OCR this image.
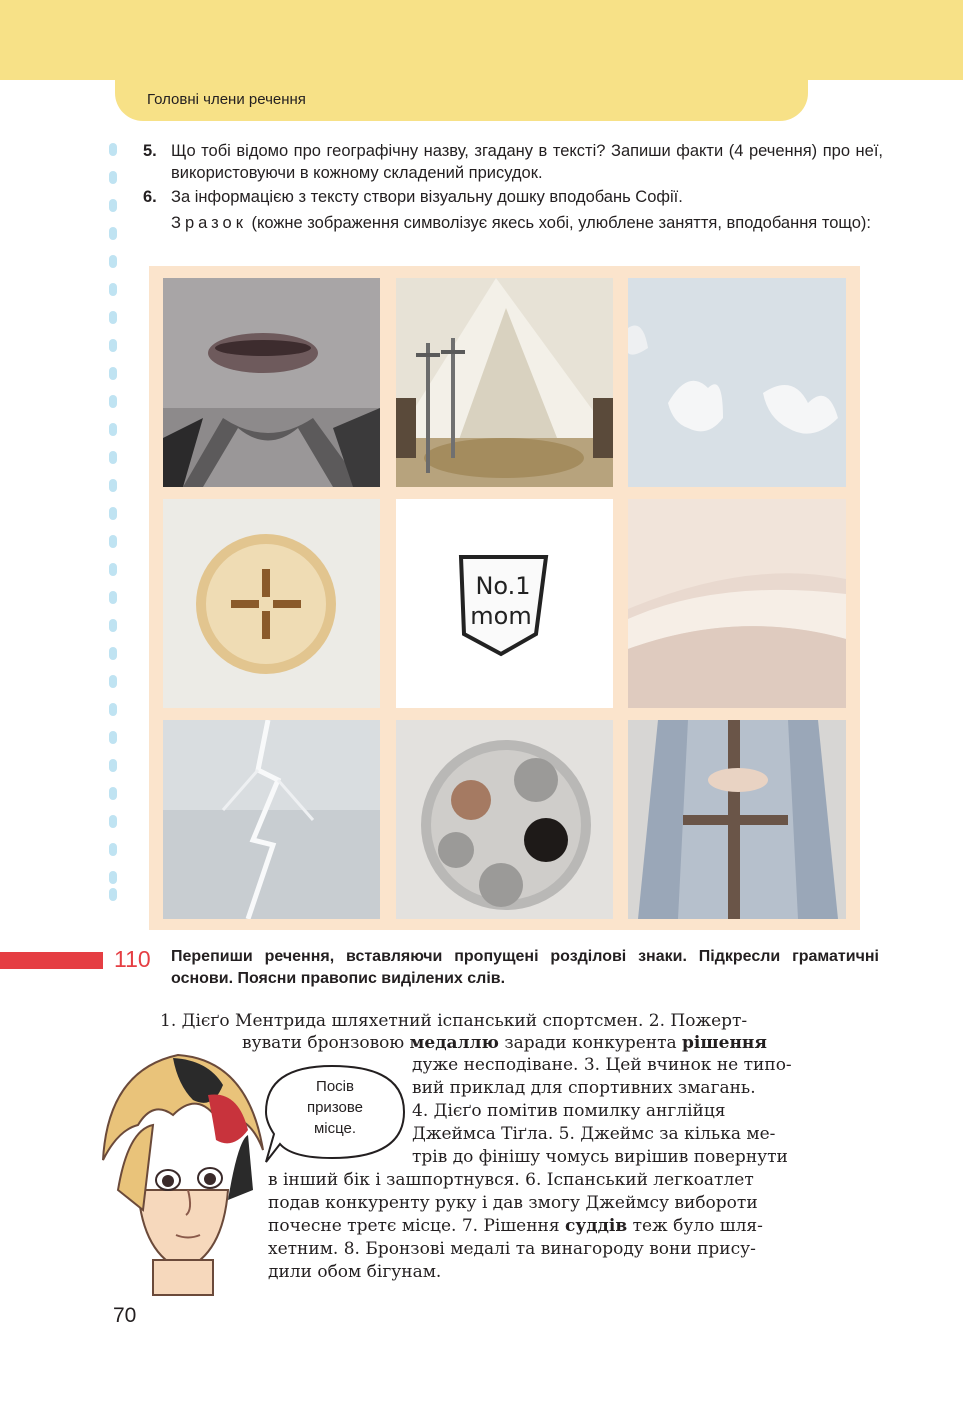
Головні члени речення
5. Що тобі відомо про географічну назву, згадану в тексті? Запиши факти (4 речення) про неї, використовуючи в кожному складений присудок.
6. За інформацією з тексту створи візуальну дошку вподобань Софії.
Зразок (кожне зображення символізує якесь хобі, улюблене заняття, вподобання тощо):
No.1
mom
110 Перепиши речення, вставляючи пропущені розділові знаки. Підкресли граматичні основи. Поясни правопис виділених слів.
1. Дієґо Ментрида шляхетний іспанський спортсмен. 2. Пожерт-
вувати бронзовою медаллю заради конкурента рішення
дуже несподіване. 3. Цей вчинок не типо-
вий приклад для спортивних змагань.
4. Дієґо помітив помилку англійця
Джеймса Тіґла. 5. Джеймс за кілька ме-
трів до фінішу чомусь вирішив повернути
в інший бік і зашпортнувся. 6. Іспанський легкоатлет
подав конкуренту руку і дав змогу Джеймсу вибороти
почесне третє місце. 7. Рішення суддів теж було шля-
хетним. 8. Бронзові медалі та винагороду вони прису-
дили обом бігунам.
Посів
призове
місце.
70
